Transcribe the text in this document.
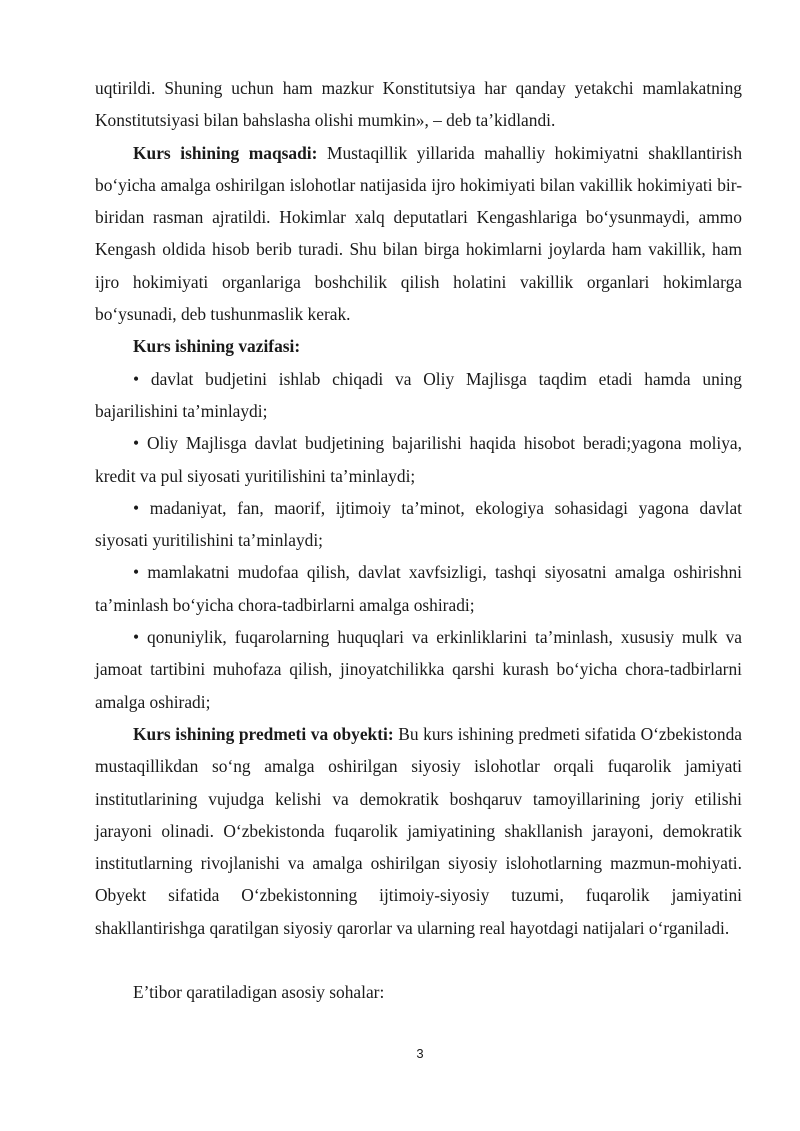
uqtirildi. Shuning uchun ham mazkur Konstitutsiya har qanday yetakchi mamlakatning Konstitutsiyasi bilan bahslasha olishi mumkin», – deb ta’kidlandi.

Kurs ishining maqsadi: Mustaqillik yillarida mahalliy hokimiyatni shakllantirish bo‘yicha amalga oshirilgan islohotlar natijasida ijro hokimiyati bilan vakillik hokimiyati bir-biridan rasman ajratildi. Hokimlar xalq deputatlari Kengashlariga bo‘ysunmaydi, ammo Kengash oldida hisob berib turadi. Shu bilan birga hokimlarni joylarda ham vakillik, ham ijro hokimiyati organlariga boshchilik qilish holatini vakillik organlari hokimlarga bo‘ysunadi, deb tushunmaslik kerak.

Kurs ishining vazifasi:

• davlat budjetini ishlab chiqadi va Oliy Majlisga taqdim etadi hamda uning bajarilishini ta’minlaydi;

• Oliy Majlisga davlat budjetining bajarilishi haqida hisobot beradi;yagona moliya, kredit va pul siyosati yuritilishini ta’minlaydi;

• madaniyat, fan, maorif, ijtimoiy ta’minot, ekologiya sohasidagi yagona davlat siyosati yuritilishini ta’minlaydi;

• mamlakatni mudofaa qilish, davlat xavfsizligi, tashqi siyosatni amalga oshirishni ta’minlash bo‘yicha chora-tadbirlarni amalga oshiradi;

• qonuniylik, fuqarolarning huquqlari va erkinliklarini ta’minlash, xususiy mulk va jamoat tartibini muhofaza qilish, jinoyatchilikka qarshi kurash bo‘yicha chora-tadbirlarni amalga oshiradi;

Kurs ishining predmeti va obyekti: Bu kurs ishining predmeti sifatida O‘zbekistonda mustaqillikdan so‘ng amalga oshirilgan siyosiy islohotlar orqali fuqarolik jamiyati institutlarining vujudga kelishi va demokratik boshqaruv tamoyillarining joriy etilishi jarayoni olinadi. O‘zbekistonda fuqarolik jamiyatining shakllanish jarayoni, demokratik institutlarning rivojlanishi va amalga oshirilgan siyosiy islohotlarning mazmun-mohiyati. Obyekt sifatida O‘zbekistonning ijtimoiy-siyosiy tuzumi, fuqarolik jamiyatini shakllantirishga qaratilgan siyosiy qarorlar va ularning real hayotdagi natijalari o‘rganiladi.

E’tibor qaratiladigan asosiy sohalar:

3
